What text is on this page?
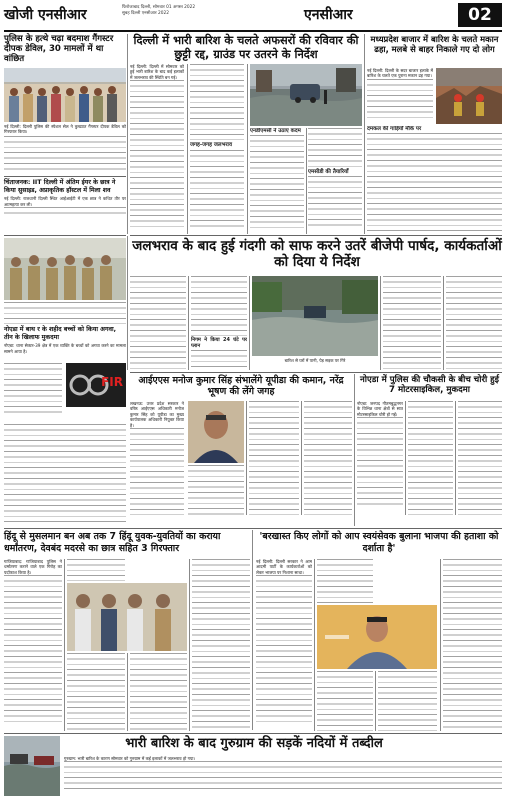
खोजी एनसीआर	फिरोजाबाद दिल्ली, सोमवार 01 अगस्त 2022
सुबह दिल्ली एनसीआर 2022	एनसीआर	02
पुलिस के हत्थे चढ़ा बदमाश गैंगस्टर दीपक डेविल, 30 मामलों में था वांछित
नई दिल्ली: दिल्ली पुलिस की स्पेशल सेल ने कुख्यात गैंगस्टर दीपक डेविल को गिरफ्तार किया।
चिंताजनक: IIT दिल्ली में अंतिम ईयर के छात्र ने किया सुसाइड, अप्राकृतिक हॉस्टल में मिला शव
नई दिल्ली: राजधानी दिल्ली स्थित आईआईटी में एक छात्र ने कथित तौर पर आत्महत्या कर ली।
दिल्ली में भारी बारिश के चलते अफसरों की रविवार की छुट्टी रद्द, ग्राउंड पर उतरने के निर्देश
नई दिल्ली: दिल्ली में सोमवार को हुई भारी बारिश के बाद कई इलाकों में जलभराव की स्थिति बन गई।
जगह-जगह जलभराव
एनडीएमसी ने उठाए कदम
एमसीडी की तैयारियाँ
मध्यप्रदेश बाजार में बारिश के चलते मकान ढहा, मलबे से बाहर निकाले गए दो लोग
नई दिल्ली: दिल्ली के सदर बाजार इलाके में बारिश के चलते एक पुराना मकान ढह गया।
दमकल की गाड़ियाँ मौके पर
जलभराव के बाद हुई गंदगी को साफ करने उतरें बीजेपी पार्षद, कार्यकर्ताओं को दिया ये निर्देश
नोएडा में बाथ र के शहीद बच्चों को किया अगवा, तीन के खिलाफ मुकदमा
नोएडा: थाना सेक्टर-39 क्षेत्र में एक व्यक्ति के बच्चों को अगवा करने का मामला सामने आया है।
FIR
निगम ने किया 24 घंटे पर प्लान
बारिश से घरों में पानी, पेड़ सड़क पर गिरे
आईएएस मनोज कुमार सिंह संभालेंगे यूपीडा की कमान, नरेंद्र भूषण की लेंगे जगह
लखनऊ: उत्तर प्रदेश सरकार ने वरिष्ठ आईएएस अधिकारी मनोज कुमार सिंह को यूपीडा का मुख्य कार्यपालक अधिकारी नियुक्त किया है।
नोएडा में पुलिस की चौकसी के बीच चोरी हुई 7 मोटरसाइकिल, मुकदमा
नोएडा: जनपद गौतमबुद्धनगर के विभिन्न थाना क्षेत्रों से सात मोटरसाइकिल चोरी हो गईं।
हिंदू से मुसलमान बन अब तक 7 हिंदू युवक-युवतियों का कराया धर्मांतरण, देवबंद मदरसे का छात्र सहित 3 गिरफ्तार
गाजियाबाद: गाजियाबाद पुलिस ने धर्मांतरण कराने वाले एक गिरोह का पर्दाफाश किया है।
'बरखास्त किए लोगों को आप स्वयंसेवक बुलाना भाजपा की हताशा को दर्शाता है'
नई दिल्ली: दिल्ली सरकार ने आम आदमी पार्टी के कार्यकर्ताओं को लेकर भाजपा पर निशाना साधा।
भारी बारिश के बाद गुरुग्राम की सड़कें नदियों में तब्दील
गुरुग्राम: भारी बारिश के कारण सोमवार को गुरुग्राम में कई इलाकों में जलभराव हो गया।
